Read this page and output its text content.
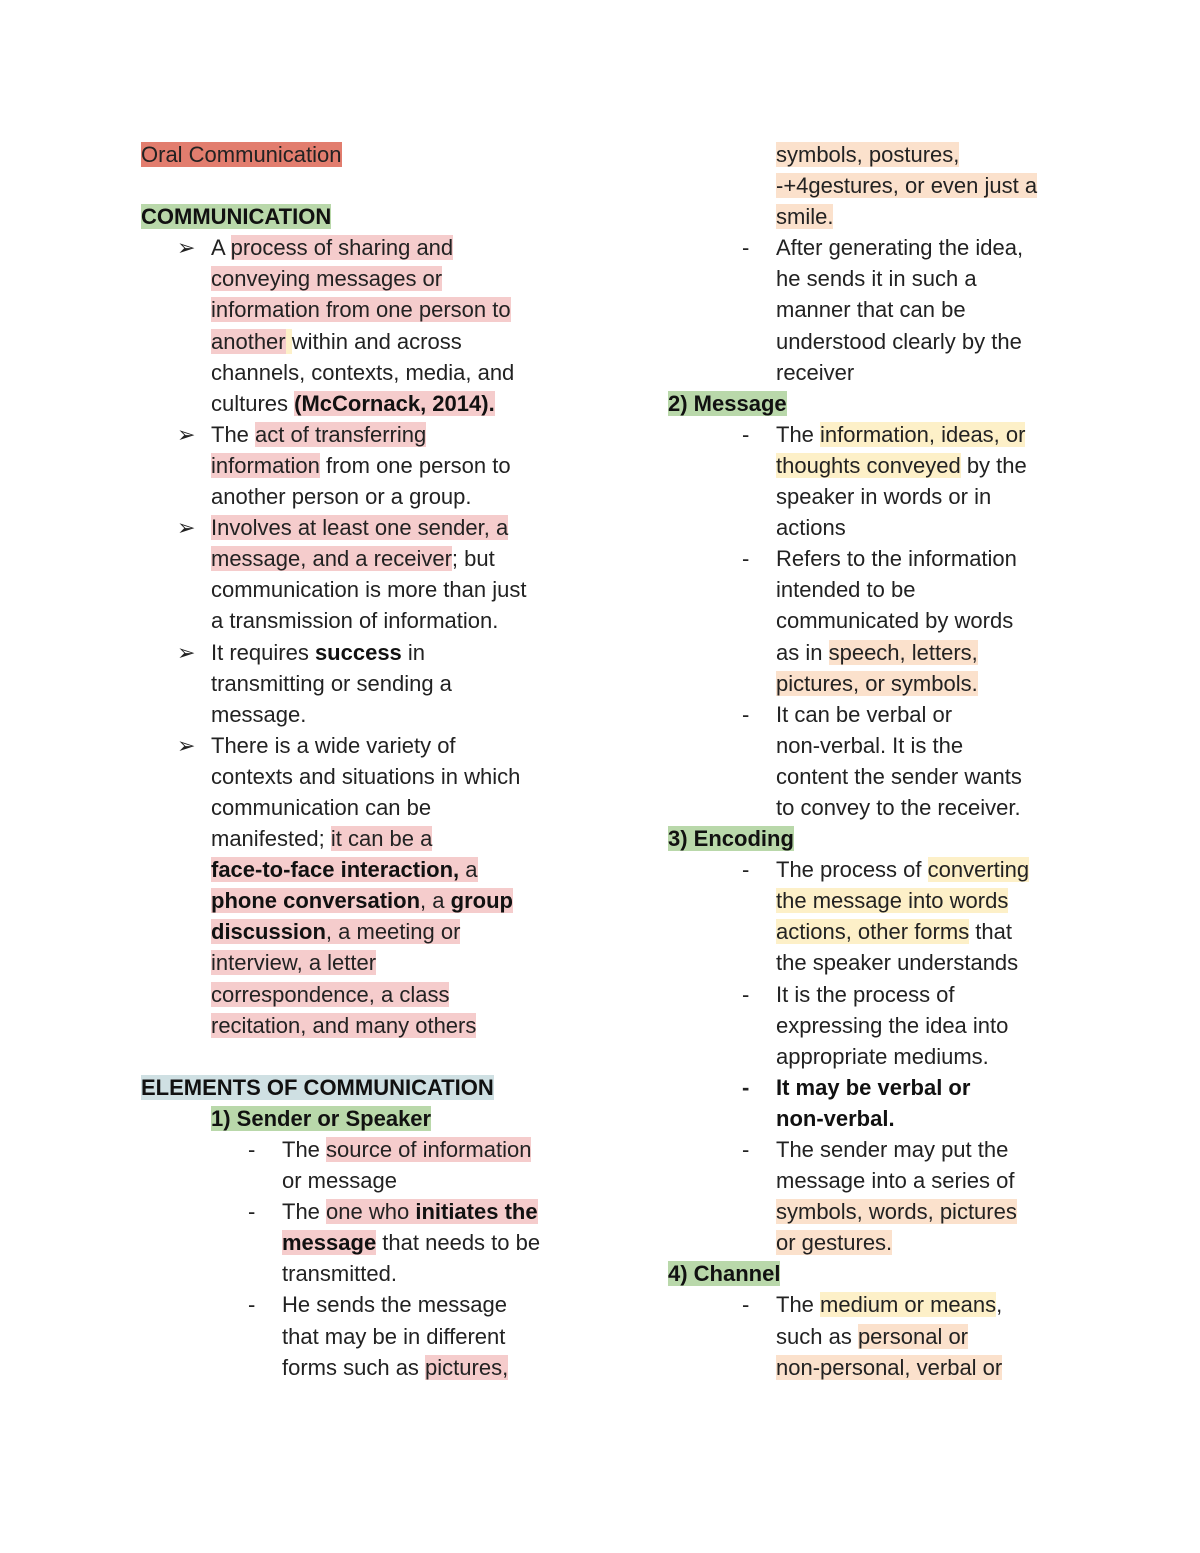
Oral Communication
COMMUNICATION
➢ A process of sharing and
conveying messages or
information from one person to
another within and across
channels, contexts, media, and
cultures (McCornack, 2014).
➢ The act of transferring
information from one person to
another person or a group.
➢ Involves at least one sender, a
message, and a receiver; but
communication is more than just
a transmission of information.
➢ It requires success in
transmitting or sending a
message.
➢ There is a wide variety of
contexts and situations in which
communication can be
manifested; it can be a
face-to-face interaction, a
phone conversation, a group
discussion, a meeting or
interview, a letter
correspondence, a class
recitation, and many others
ELEMENTS OF COMMUNICATION
1) Sender or Speaker
- The source of information
or message
- The one who initiates the
message that needs to be
transmitted.
- He sends the message
that may be in different
forms such as pictures,
symbols, postures,
-+4gestures, or even just a
smile.
- After generating the idea,
he sends it in such a
manner that can be
understood clearly by the
receiver
2) Message
- The information, ideas, or
thoughts conveyed by the
speaker in words or in
actions
- Refers to the information
intended to be
communicated by words
as in speech, letters,
pictures, or symbols.
- It can be verbal or
non-verbal. It is the
content the sender wants
to convey to the receiver.
3) Encoding
- The process of converting
the message into words
actions, other forms that
the speaker understands
- It is the process of
expressing the idea into
appropriate mediums.
- It may be verbal or
non-verbal.
- The sender may put the
message into a series of
symbols, words, pictures
or gestures.
4) Channel
- The medium or means,
such as personal or
non-personal, verbal or
